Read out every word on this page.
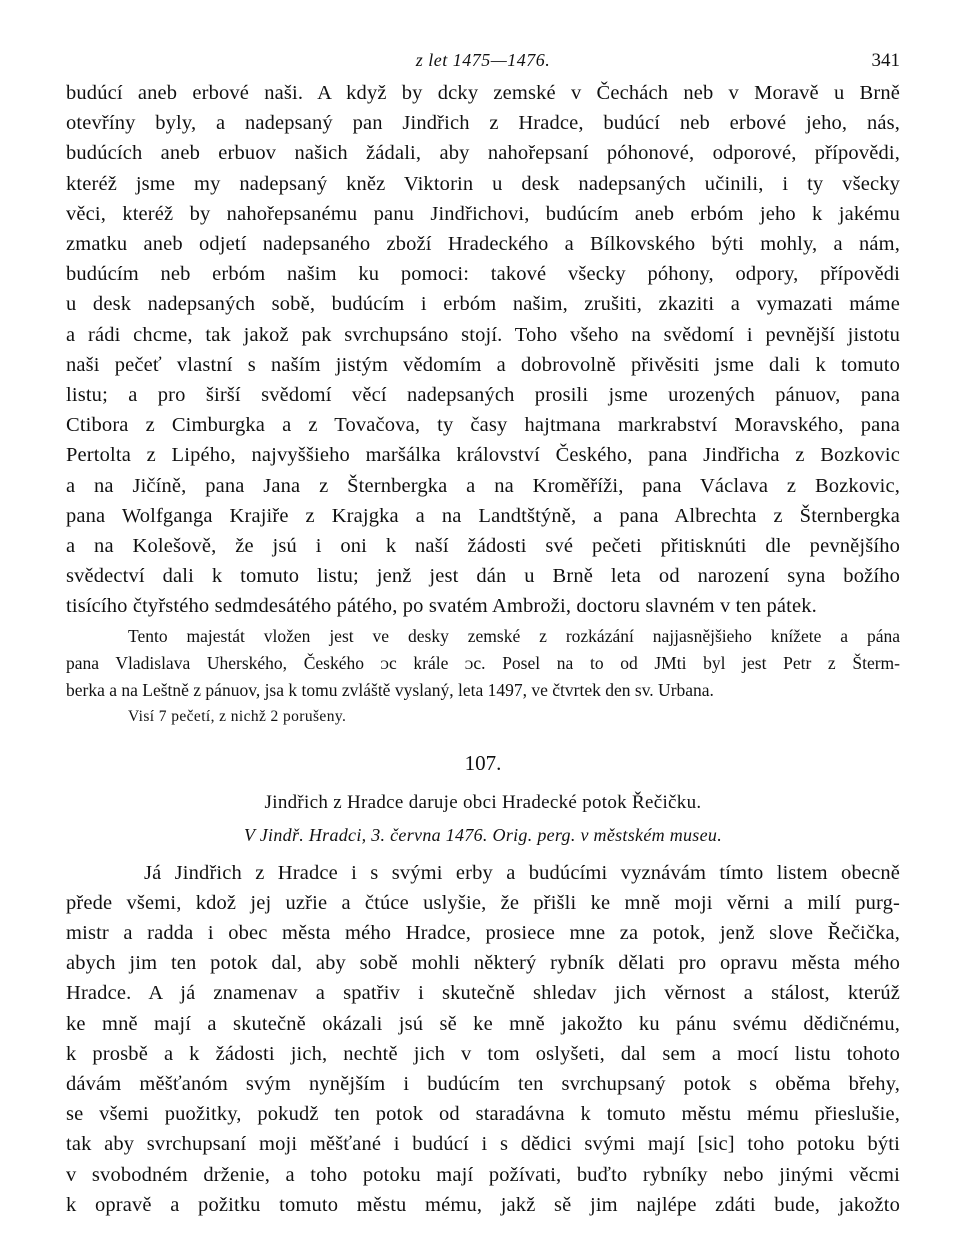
z let 1475—1476.	341
budúcí aneb erbové naši. A když by dcky zemské v Čechách neb v Moravě u Brně
otevříny byly, a nadepsaný pan Jindřich z Hradce, budúcí neb erbové jeho, nás,
budúcích aneb erbuov našich žádali, aby nahořepsaní póhonové, odporové, přípovědi,
kteréž jsme my nadepsaný kněz Viktorin u desk nadepsaných učinili, i ty všecky
věci, kteréž by nahořepsanému panu Jindřichovi, budúcím aneb erbóm jeho k jakému
zmatku aneb odjetí nadepsaného zboží Hradeckého a Bílkovského býti mohly, a nám,
budúcím neb erbóm našim ku pomoci: takové všecky póhony, odpory, přípovědi
u desk nadepsaných sobě, budúcím i erbóm našim, zrušiti, zkaziti a vymazati máme
a rádi chcme, tak jakož pak svrchupsáno stojí. Toho všeho na svědomí i pevnější jistotu
naši pečeť vlastní s naším jistým vědomím a dobrovolně přivěsiti jsme dali k tomuto
listu; a pro širší svědomí věcí nadepsaných prosili jsme urozených pánuov, pana
Ctibora z Cimburgka a z Tovačova, ty časy hajtmana markrabství Moravského, pana
Pertolta z Lipého, najvyššieho maršálka království Českého, pana Jindřicha z Bozkovic
a na Jičíně, pana Jana z Šternbergka a na Kroměříži, pana Václava z Bozkovic,
pana Wolfganga Krajiře z Krajgka a na Landtštýně, a pana Albrechta z Šternbergka
a na Kolešově, že jsú i oni k naší žádosti své pečeti přitisknúti dle pevnějšího
svědectví dali k tomuto listu; jenž jest dán u Brně leta od narození syna božího
tisícího čtyřstého sedmdesátého pátého, po svatém Ambroži, doctoru slavném v ten pátek.
Tento majestát vložen jest ve desky zemské z rozkázání najjasnějšieho knížete a pána
pana Vladislava Uherského, Českého ᴐc krále ᴐc. Posel na to od JMti byl jest Petr z Šterm-
berka a na Leštně z pánuov, jsa k tomu zvláště vyslaný, leta 1497, ve čtvrtek den sv. Urbana.
Visí 7 pečetí, z nichž 2 porušeny.
107.
Jindřich z Hradce daruje obci Hradecké potok Řečičku.
V Jindř. Hradci, 3. června 1476. Orig. perg. v městském museu.
Já Jindřich z Hradce i s svými erby a budúcími vyznávám tímto listem obecně
přede všemi, kdož jej uzřie a čtúce uslyšie, že přišli ke mně moji věrni a milí purg-
mistr a radda i obec města mého Hradce, prosiece mne za potok, jenž slove Řečička,
abych jim ten potok dal, aby sobě mohli některý rybník dělati pro opravu města mého
Hradce. A já znamenav a spatřiv i skutečně shledav jich věrnost a stálost, kterúž
ke mně mají a skutečně okázali jsú sě ke mně jakožto ku pánu svému dědičnému,
k prosbě a k žádosti jich, nechtě jich v tom oslyšeti, dal sem a mocí listu tohoto
dávám měšťanóm svým nynějším i budúcím ten svrchupsaný potok s oběma břehy,
se všemi puožitky, pokudž ten potok od staradávna k tomuto městu mému přieslušie,
tak aby svrchupsaní moji měšťané i budúcí i s dědici svými mají [sic] toho potoku býti
v svobodném drženie, a toho potoku mají požívati, buďto rybníky nebo jinými věcmi
k opravě a požitku tomuto městu mému, jakž sě jim najlépe zdáti bude, jakožto
